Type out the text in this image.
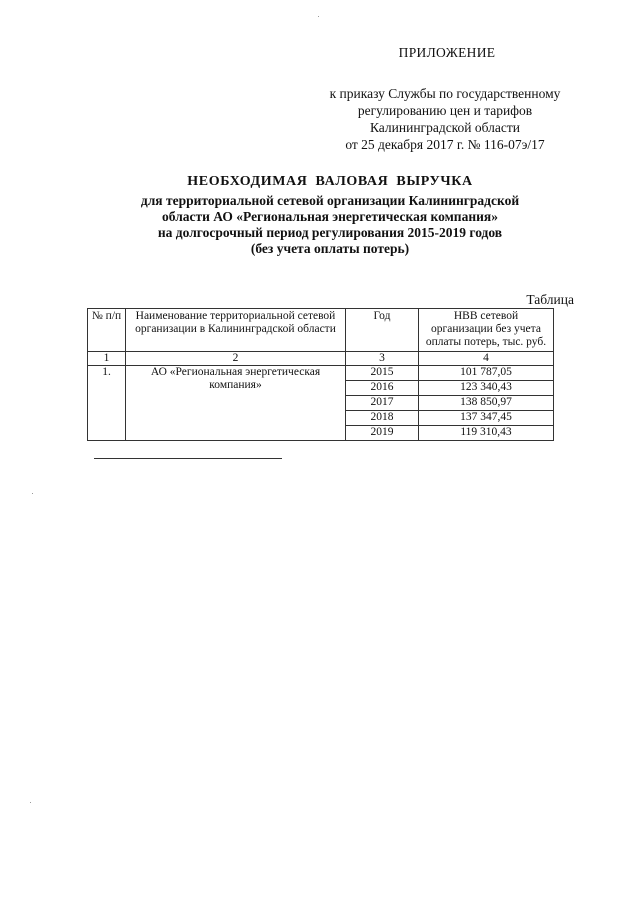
ПРИЛОЖЕНИЕ
к приказу Службы по государственному
регулированию цен и тарифов
Калининградской области
от 25 декабря 2017 г. № 116-07э/17
НЕОБХОДИМАЯ ВАЛОВАЯ ВЫРУЧКА
для территориальной сетевой организации Калининградской
области АО «Региональная энергетическая компания»
на долгосрочный период регулирования 2015-2019 годов
(без учета оплаты потерь)
Таблица
№ п/п	Наименование территориальной сетевой организации в Калининградской области	Год	НВВ сетевой организации без учета оплаты потерь, тыс. руб.
1	2	3	4
1.	АО «Региональная энергетическая компания»	2015	101 787,05
		2016	123 340,43
		2017	138 850,97
		2018	137 347,45
		2019	119 310,43
